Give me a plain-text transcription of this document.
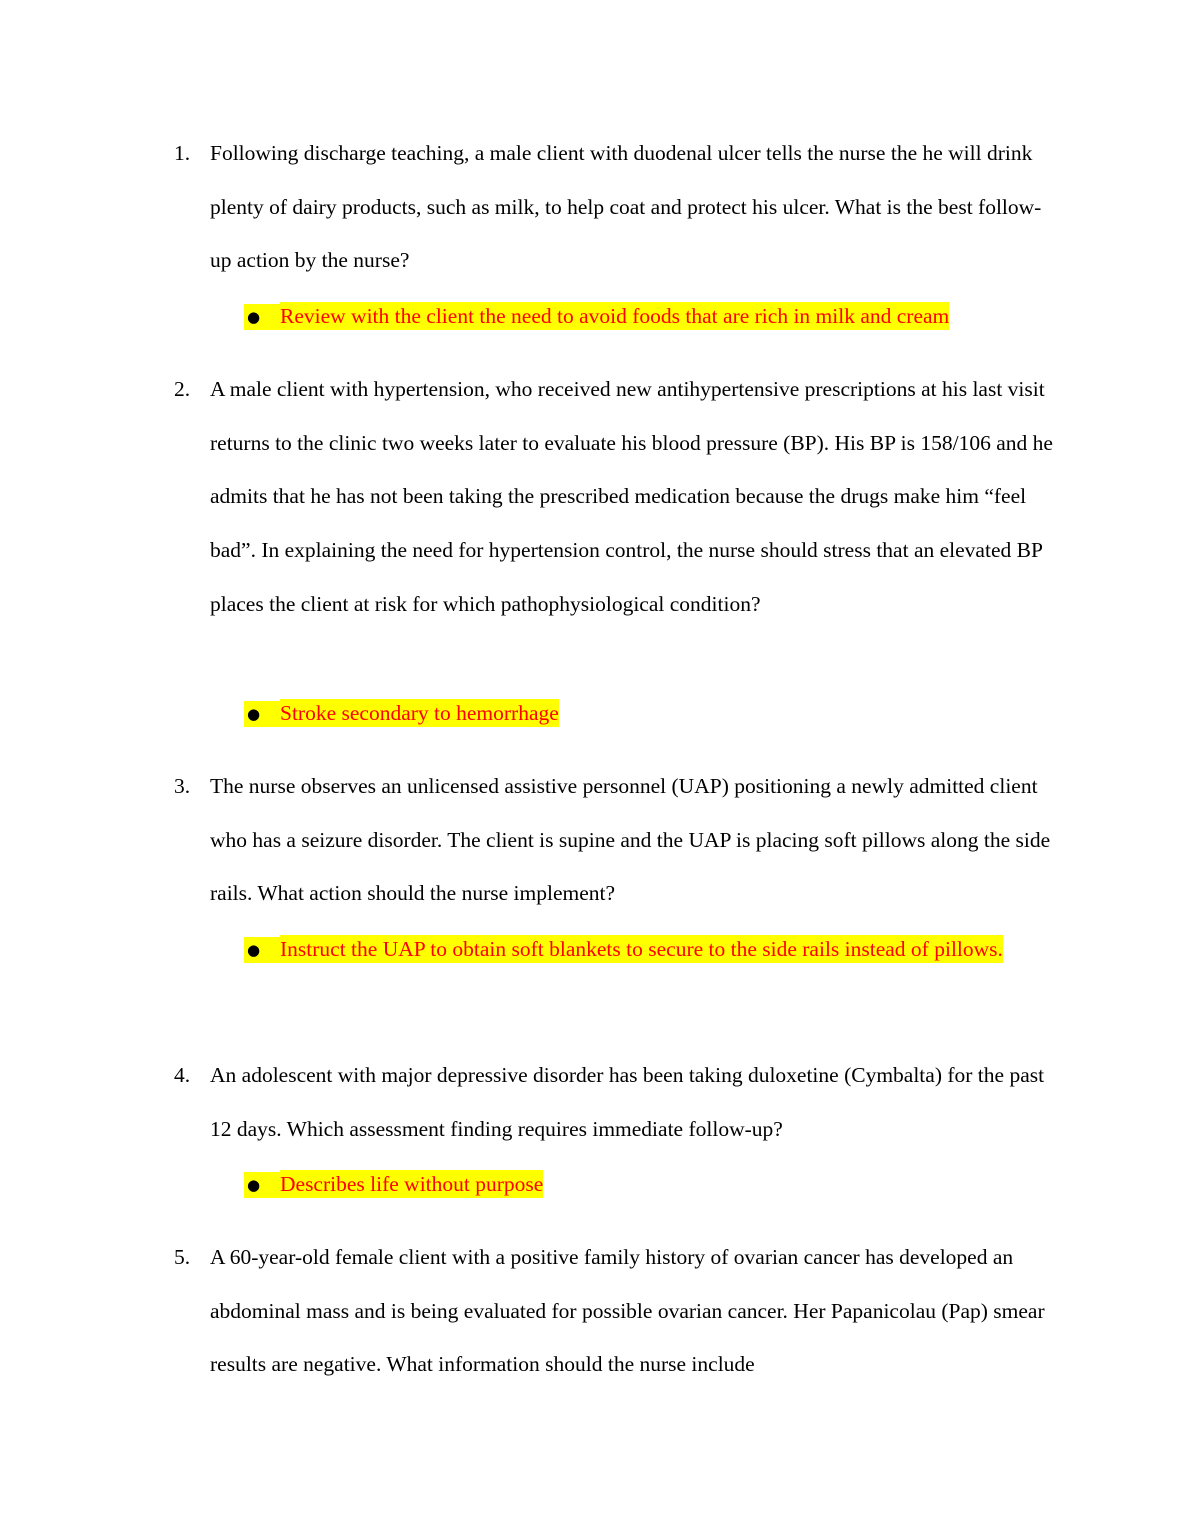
1. Following discharge teaching, a male client with duodenal ulcer tells the nurse the he will drink plenty of dairy products, such as milk, to help coat and protect his ulcer. What is the best follow-up action by the nurse?
● Review with the client the need to avoid foods that are rich in milk and cream
2. A male client with hypertension, who received new antihypertensive prescriptions at his last visit returns to the clinic two weeks later to evaluate his blood pressure (BP). His BP is 158/106 and he admits that he has not been taking the prescribed medication because the drugs make him “feel bad”. In explaining the need for hypertension control, the nurse should stress that an elevated BP places the client at risk for which pathophysiological condition?
● Stroke secondary to hemorrhage
3. The nurse observes an unlicensed assistive personnel (UAP) positioning a newly admitted client who has a seizure disorder. The client is supine and the UAP is placing soft pillows along the side rails. What action should the nurse implement?
● Instruct the UAP to obtain soft blankets to secure to the side rails instead of pillows.
4. An adolescent with major depressive disorder has been taking duloxetine (Cymbalta) for the past 12 days. Which assessment finding requires immediate follow-up?
● Describes life without purpose
5. A 60-year-old female client with a positive family history of ovarian cancer has developed an abdominal mass and is being evaluated for possible ovarian cancer. Her Papanicolau (Pap) smear results are negative. What information should the nurse include
